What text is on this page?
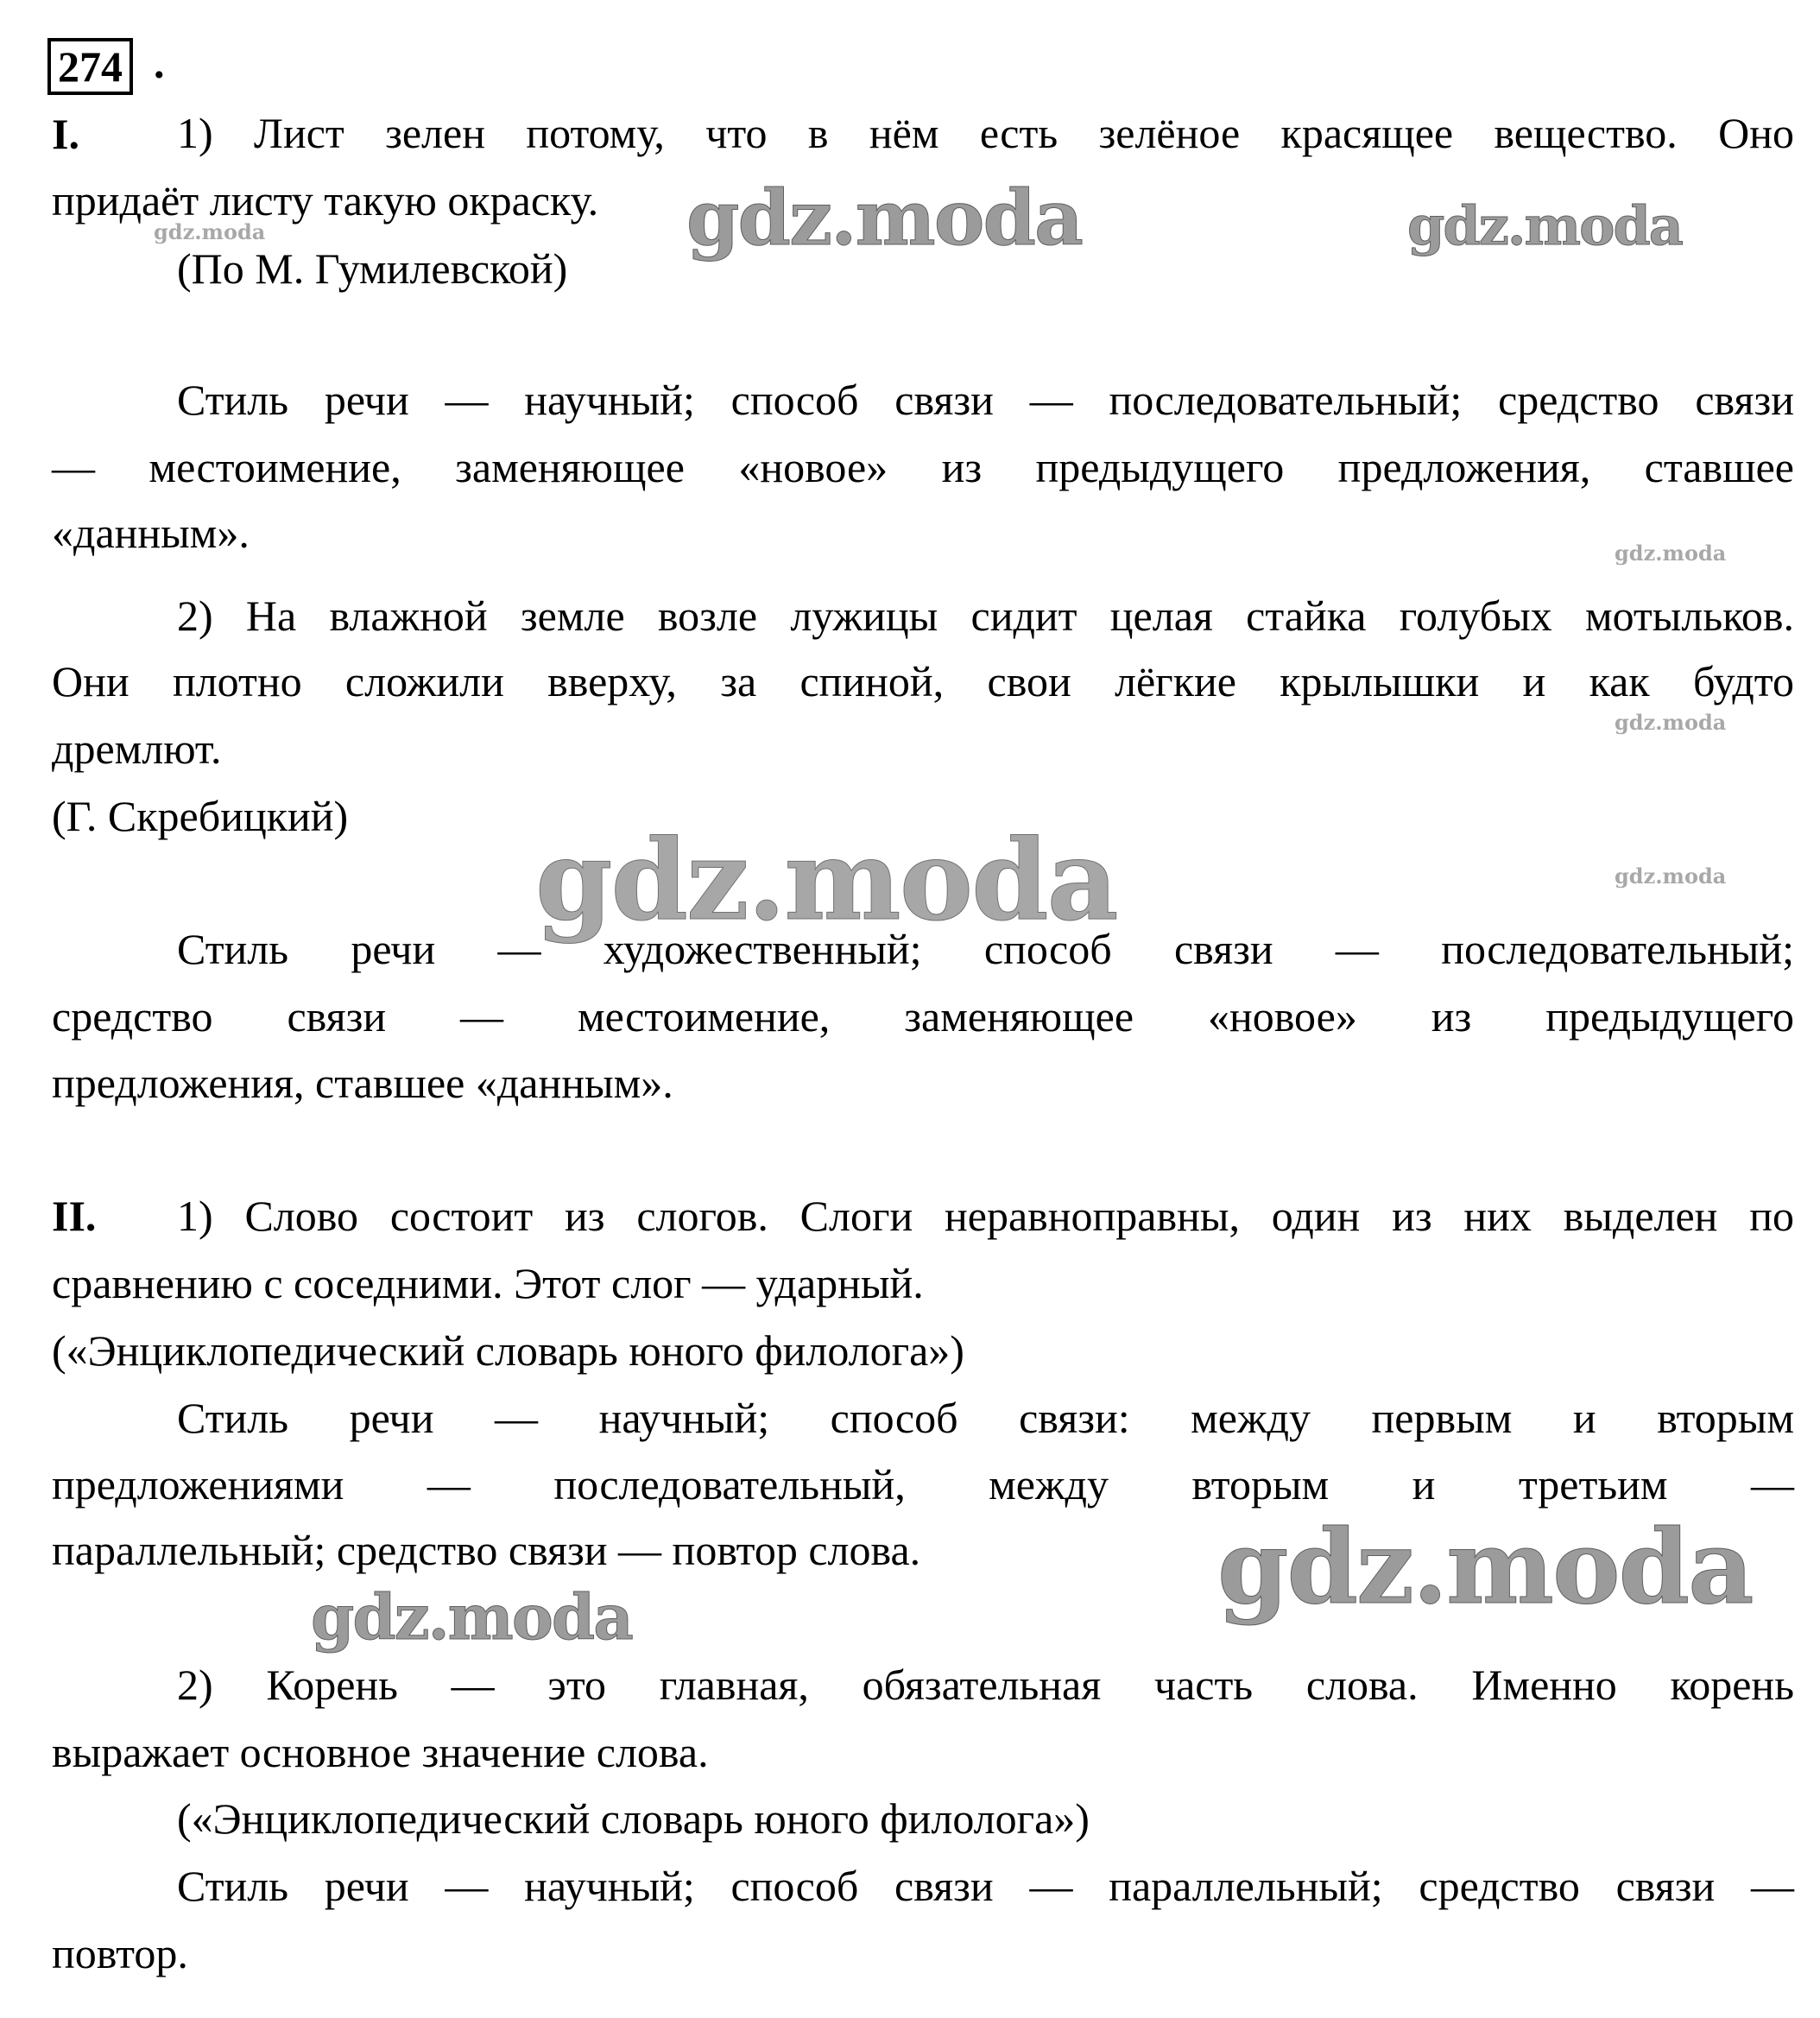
274 .
I.
II.
1) Лист зелен потому, что в нём есть зелёное красящее вещество. Оно
придаёт листу такую окраску.
(По М. Гумилевской)
Стиль речи — научный; способ связи — последовательный; средство связи
— местоимение, заменяющее «новое» из предыдущего предложения, ставшее
«данным».
2) На влажной земле возле лужицы сидит целая стайка голубых мотыльков.
Они плотно сложили вверху, за спиной, свои лёгкие крылышки и как будто
дремлют.
(Г. Скребицкий)
Стиль речи — художественный; способ связи — последовательный;
средство связи — местоимение, заменяющее «новое» из предыдущего
предложения, ставшее «данным».
1) Слово состоит из слогов. Слоги неравноправны, один из них выделен по
сравнению с соседними. Этот слог — ударный.
(«Энциклопедический словарь юного филолога»)
Стиль речи — научный; способ связи: между первым и вторым
предложениями — последовательный, между вторым и третьим —
параллельный; средство связи — повтор слова.
2) Корень — это главная, обязательная часть слова. Именно корень
выражает основное значение слова.
(«Энциклопедический словарь юного филолога»)
Стиль речи — научный; способ связи — параллельный; средство связи —
повтор.
gdz.moda
gdz.moda	gdz.moda
gdz.moda
gdz.moda
gdz.moda
gdz.moda
gdz.moda
gdz.moda
